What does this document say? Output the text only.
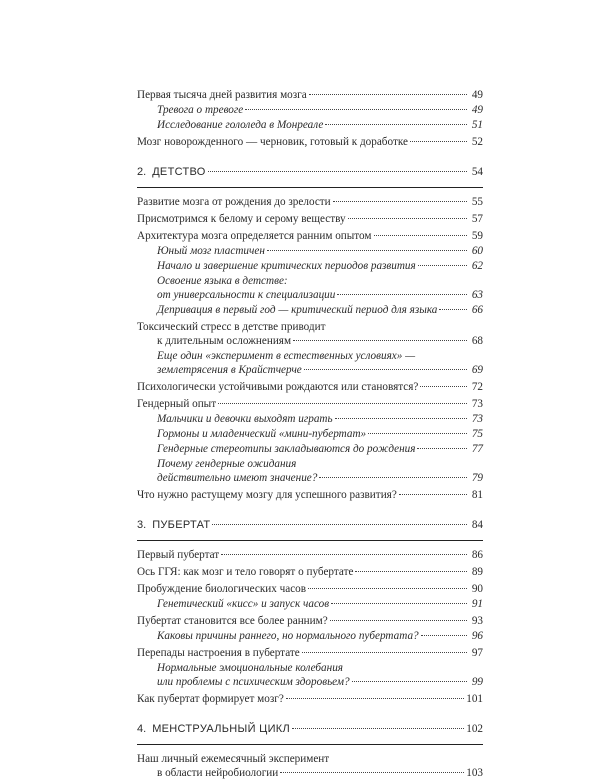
Первая тысяча дней развития мозга	49
Тревога о тревоге	49
Исследование гололеда в Монреале	51
Мозг новорожденного — черновик, готовый к доработке	52
2. ДЕТСТВО	54
Развитие мозга от рождения до зрелости	55
Присмотримся к белому и серому веществу	57
Архитектура мозга определяется ранним опытом	59
Юный мозг пластичен	60
Начало и завершение критических периодов развития	62
Освоение языка в детстве:
от универсальности к специализации	63
Депривация в первый год — критический период для языка	66
Токсический стресс в детстве приводит
к длительным осложнениям	68
Еще один «эксперимент в естественных условиях» —
землетрясения в Крайстчерче	69
Психологически устойчивыми рождаются или становятся?	72
Гендерный опыт	73
Мальчики и девочки выходят играть	73
Гормоны и младенческий «мини-пубертат»	75
Гендерные стереотипы закладываются до рождения	77
Почему гендерные ожидания
действительно имеют значение?	79
Что нужно растущему мозгу для успешного развития?	81
3. ПУБЕРТАТ	84
Первый пубертат	86
Ось ГГЯ: как мозг и тело говорят о пубертате	89
Пробуждение биологических часов	90
Генетический «кисс» и запуск часов	91
Пубертат становится все более ранним?	93
Каковы причины раннего, но нормального пубертата?	96
Перепады настроения в пубертате	97
Нормальные эмоциональные колебания
или проблемы с психическим здоровьем?	99
Как пубертат формирует мозг?	101
4. МЕНСТРУАЛЬНЫЙ ЦИКЛ	102
Наш личный ежемесячный эксперимент
в области нейробиологии	103
